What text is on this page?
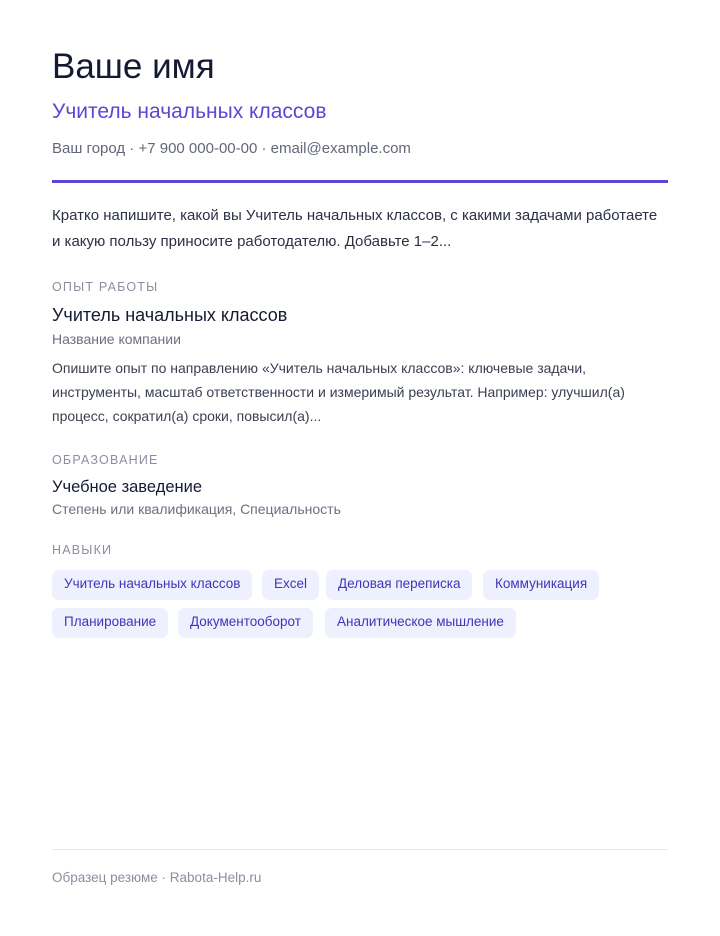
Ваше имя
Учитель начальных классов
Ваш город · +7 900 000-00-00 · email@example.com
Кратко напишите, какой вы Учитель начальных классов, с какими задачами работаете и какую пользу приносите работодателю. Добавьте 1–2...
ОПЫТ РАБОТЫ
Учитель начальных классов
Название компании
Опишите опыт по направлению «Учитель начальных классов»: ключевые задачи, инструменты, масштаб ответственности и измеримый результат. Например: улучшил(а) процесс, сократил(а) сроки, повысил(а)...
ОБРАЗОВАНИЕ
Учебное заведение
Степень или квалификация, Специальность
НАВЫКИ
Учитель начальных классов	Excel	Деловая переписка	Коммуникация
Планирование	Документооборот	Аналитическое мышление
Образец резюме · Rabota-Help.ru
